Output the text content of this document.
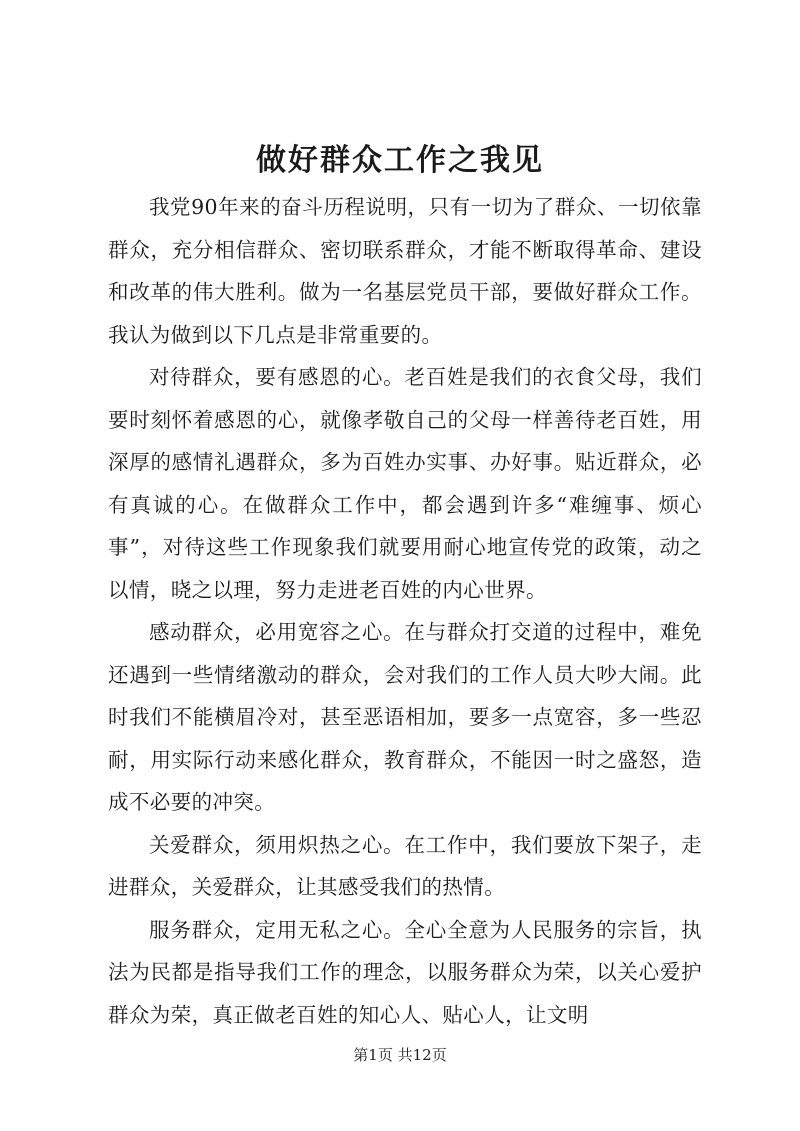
做好群众工作之我见

我党90年来的奋斗历程说明，只有一切为了群众、一切依靠群众，充分相信群众、密切联系群众，才能不断取得革命、建设和改革的伟大胜利。做为一名基层党员干部，要做好群众工作。我认为做到以下几点是非常重要的。

对待群众，要有感恩的心。老百姓是我们的衣食父母，我们要时刻怀着感恩的心，就像孝敬自己的父母一样善待老百姓，用深厚的感情礼遇群众，多为百姓办实事、办好事。贴近群众，必有真诚的心。在做群众工作中，都会遇到许多“难缠事、烦心事”，对待这些工作现象我们就要用耐心地宣传党的政策，动之以情，晓之以理，努力走进老百姓的内心世界。

感动群众，必用宽容之心。在与群众打交道的过程中，难免还遇到一些情绪激动的群众，会对我们的工作人员大吵大闹。此时我们不能横眉冷对，甚至恶语相加，要多一点宽容，多一些忍耐，用实际行动来感化群众，教育群众，不能因一时之盛怒，造成不必要的冲突。

关爱群众，须用炽热之心。在工作中，我们要放下架子，走进群众，关爱群众，让其感受我们的热情。

服务群众，定用无私之心。全心全意为人民服务的宗旨，执法为民都是指导我们工作的理念，以服务群众为荣，以关心爱护群众为荣，真正做老百姓的知心人、贴心人，让文明

第1页 共12页
